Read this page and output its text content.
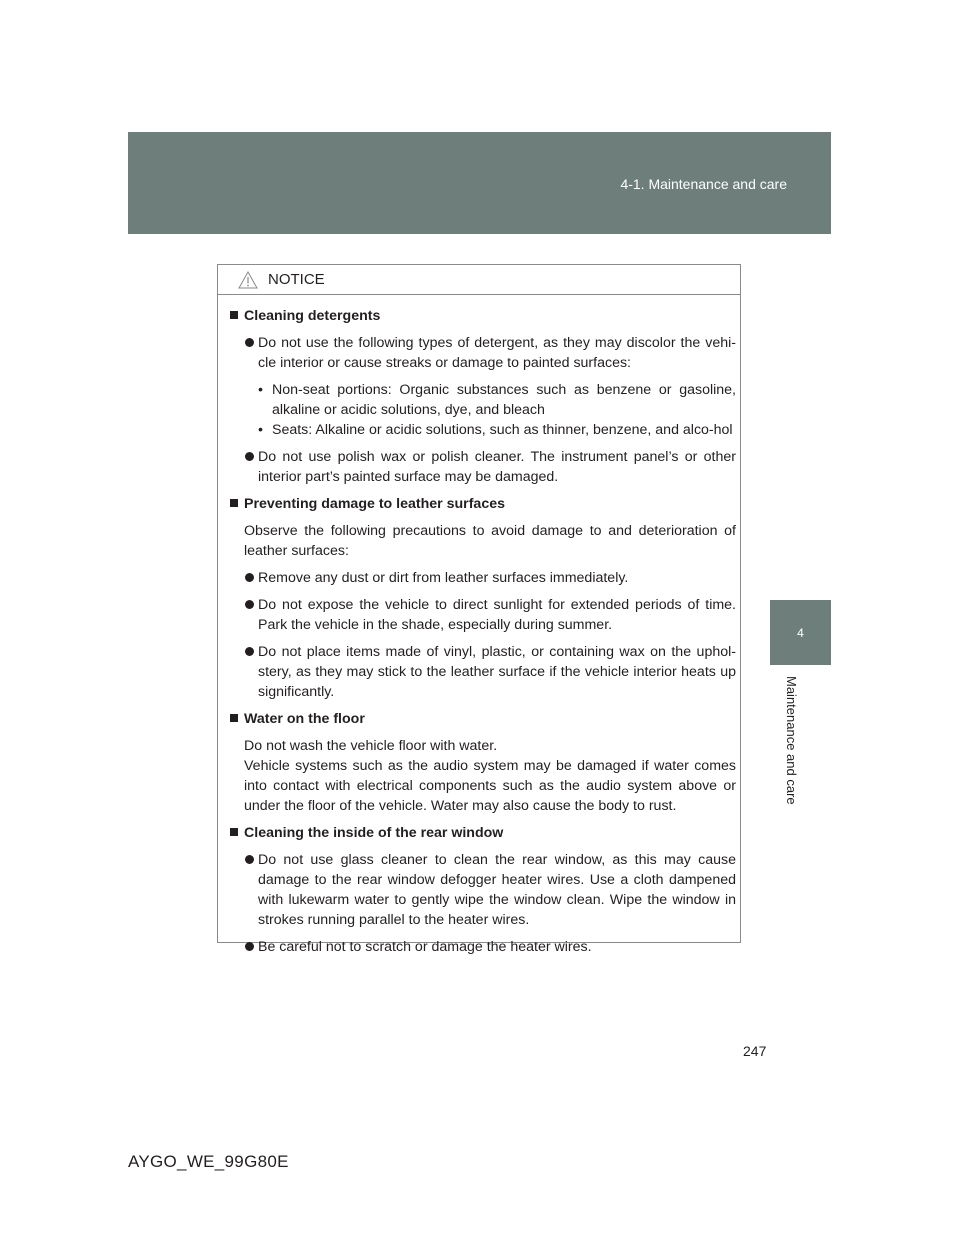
4-1. Maintenance and care
4
Maintenance and care
NOTICE
Cleaning detergents
Do not use the following types of detergent, as they may discolor the vehi-cle interior or cause streaks or damage to painted surfaces:
• Non-seat portions: Organic substances such as benzene or gasoline, alkaline or acidic solutions, dye, and bleach
• Seats: Alkaline or acidic solutions, such as thinner, benzene, and alco-hol
Do not use polish wax or polish cleaner. The instrument panel’s or other interior part’s painted surface may be damaged.
Preventing damage to leather surfaces
Observe the following precautions to avoid damage to and deterioration of leather surfaces:
Remove any dust or dirt from leather surfaces immediately.
Do not expose the vehicle to direct sunlight for extended periods of time. Park the vehicle in the shade, especially during summer.
Do not place items made of vinyl, plastic, or containing wax on the uphol-stery, as they may stick to the leather surface if the vehicle interior heats up significantly.
Water on the floor
Do not wash the vehicle floor with water.
Vehicle systems such as the audio system may be damaged if water comes into contact with electrical components such as the audio system above or under the floor of the vehicle. Water may also cause the body to rust.
Cleaning the inside of the rear window
Do not use glass cleaner to clean the rear window, as this may cause damage to the rear window defogger heater wires. Use a cloth dampened with lukewarm water to gently wipe the window clean. Wipe the window in strokes running parallel to the heater wires.
Be careful not to scratch or damage the heater wires.
247
AYGO_WE_99G80E
